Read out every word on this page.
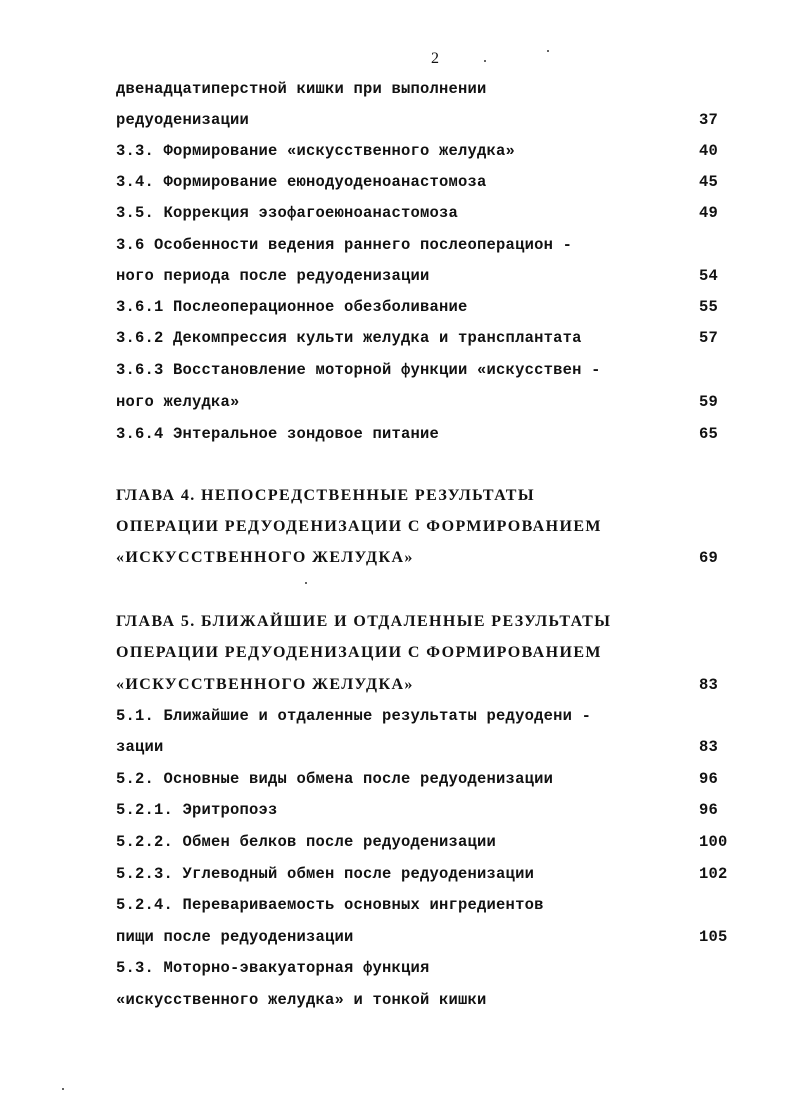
2
двенадцатиперстной кишки при выполнении
редуоденизации	37
3.3. Формирование «искусственного желудка»	40
3.4. Формирование еюнодуоденоанастомоза	45
3.5. Коррекция эзофагоеюноанастомоза	49
3.6 Особенности ведения раннего послеоперацион -
ного периода после редуоденизации	54
3.6.1 Послеоперационное обезболивание	55
3.6.2 Декомпрессия культи желудка и трансплантата	57
3.6.3 Восстановление моторной функции «искусствен -
ного желудка»	59
3.6.4 Энтеральное зондовое питание	65
ГЛАВА 4. НЕПОСРЕДСТВЕННЫЕ РЕЗУЛЬТАТЫ
ОПЕРАЦИИ РЕДУОДЕНИЗАЦИИ С ФОРМИРОВАНИЕМ
«ИСКУССТВЕННОГО ЖЕЛУДКА»	69
ГЛАВА 5. БЛИЖАЙШИЕ И ОТДАЛЕННЫЕ РЕЗУЛЬТАТЫ
ОПЕРАЦИИ РЕДУОДЕНИЗАЦИИ С ФОРМИРОВАНИЕМ
«ИСКУССТВЕННОГО ЖЕЛУДКА»	83
5.1. Ближайшие и отдаленные результаты редуодени -
зации	83
5.2. Основные виды обмена после редуоденизации	96
5.2.1. Эритропоэз	96
5.2.2. Обмен белков после редуоденизации	100
5.2.3. Углеводный обмен после редуоденизации	102
5.2.4. Перевариваемость основных ингредиентов
пищи после редуоденизации	105
5.3. Моторно-эвакуаторная функция
«искусственного желудка» и тонкой кишки
